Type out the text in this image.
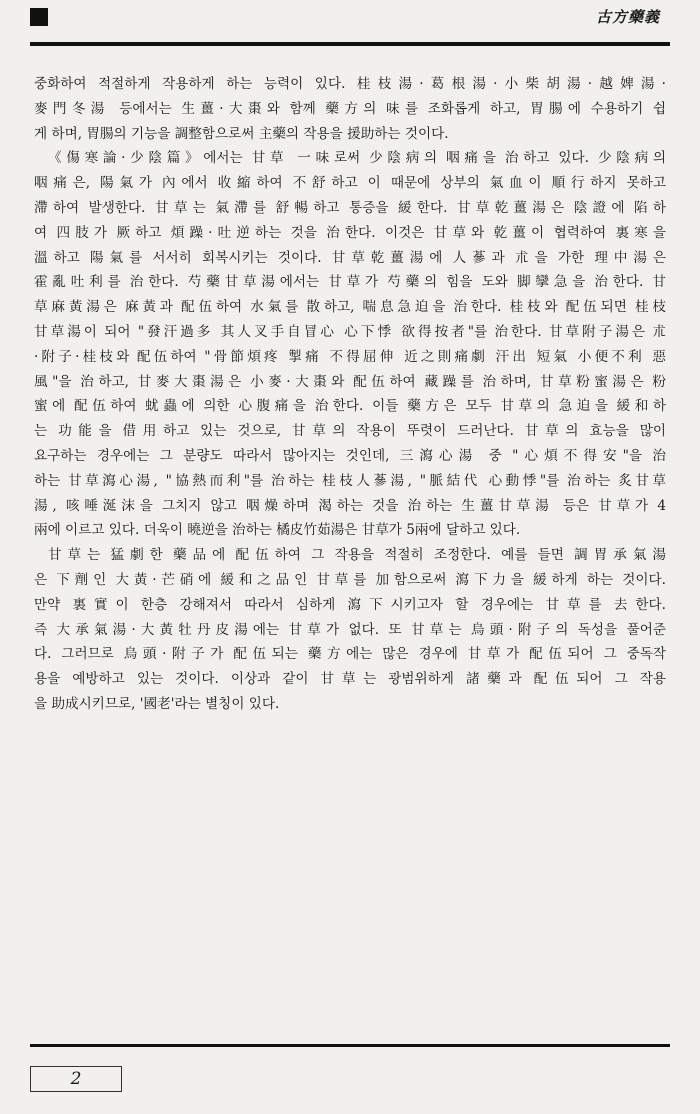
古方藥義
중화하여 적절하게 작용하게 하는 능력이 있다. 桂枝湯·葛根湯·小柴胡湯·越婢湯·
麥門冬湯 등에서는 生薑·大棗와 함께 藥方의 味를 조화롭게 하고, 胃腸에 수용하기 쉽
게 하며, 胃腸의 기능을 調整함으로써 主藥의 작용을 援助하는 것이다.
《傷寒論·少陰篇》에서는 甘草 一味로써 少陰病의 咽痛을 治하고 있다. 少陰病의
咽痛은, 陽氣가 內에서 收縮하여 不舒하고 이 때문에 상부의 氣血이 順行하지 못하고
滯하여 발생한다. 甘草는 氣滯를 舒暢하고 통증을 緩한다. 甘草乾薑湯은 陰證에 陷하
여 四肢가 厥하고 煩躁·吐逆하는 것을 治한다. 이것은 甘草와 乾薑이 협력하여 裏寒을
溫하고 陽氣를 서서히 회복시키는 것이다. 甘草乾薑湯에 人蔘과 朮을 가한 理中湯은
霍亂吐利를 治한다. 芍藥甘草湯에서는 甘草가 芍藥의 힘을 도와 脚攣急을 治한다. 甘
草麻黃湯은 麻黃과 配伍하여 水氣를 散하고, 喘息急迫을 治한다. 桂枝와 配伍되면 桂枝
甘草湯이 되어 "發汗過多 其人叉手自冒心 心下悸 欲得按者"를 治한다. 甘草附子湯은 朮
·附子·桂枝와 配伍하여 "骨節煩疼 掣痛 不得屈伸 近之則痛劇 汗出 短氣 小便不利 惡
風"을 治하고, 甘麥大棗湯은 小麥·大棗와 配伍하여 藏躁를 治하며, 甘草粉蜜湯은 粉
蜜에 配伍하여 蚘蟲에 의한 心腹痛을 治한다. 이들 藥方은 모두 甘草의 急迫을 緩和하
는 功能을 借用하고 있는 것으로, 甘草의 작용이 뚜렷이 드러난다. 甘草의 효능을 많이
요구하는 경우에는 그 분량도 따라서 많아지는 것인데, 三瀉心湯 중 "心煩不得安"을 治
하는 甘草瀉心湯, "協熱而利"를 治하는 桂枝人蔘湯, "脈結代 心動悸"를 治하는 炙甘草
湯, 咳唾涎沫을 그치지 않고 咽燥하며 渴하는 것을 治하는 生薑甘草湯 등은 甘草가 4
兩에 이르고 있다. 더욱이 曉逆을 治하는 橘皮竹茹湯은 甘草가 5兩에 달하고 있다.
甘草는 猛劇한 藥品에 配伍하여 그 작용을 적절히 조정한다. 예를 들면 調胃承氣湯
은 下劑인 大黃·芒硝에 緩和之品인 甘草를 加함으로써 瀉下力을 緩하게 하는 것이다.
만약 裏實이 한층 강해져서 따라서 심하게 瀉下시키고자 할 경우에는 甘草를 去한다.
즉 大承氣湯·大黃牡丹皮湯에는 甘草가 없다. 또 甘草는 烏頭·附子의 독성을 풀어준
다. 그러므로 烏頭·附子가 配伍되는 藥方에는 많은 경우에 甘草가 配伍되어 그 중독작
용을 예방하고 있는 것이다. 이상과 같이 甘草는 광범위하게 諸藥과 配伍되어 그 작용
을 助成시키므로, '國老'라는 별칭이 있다.
2
